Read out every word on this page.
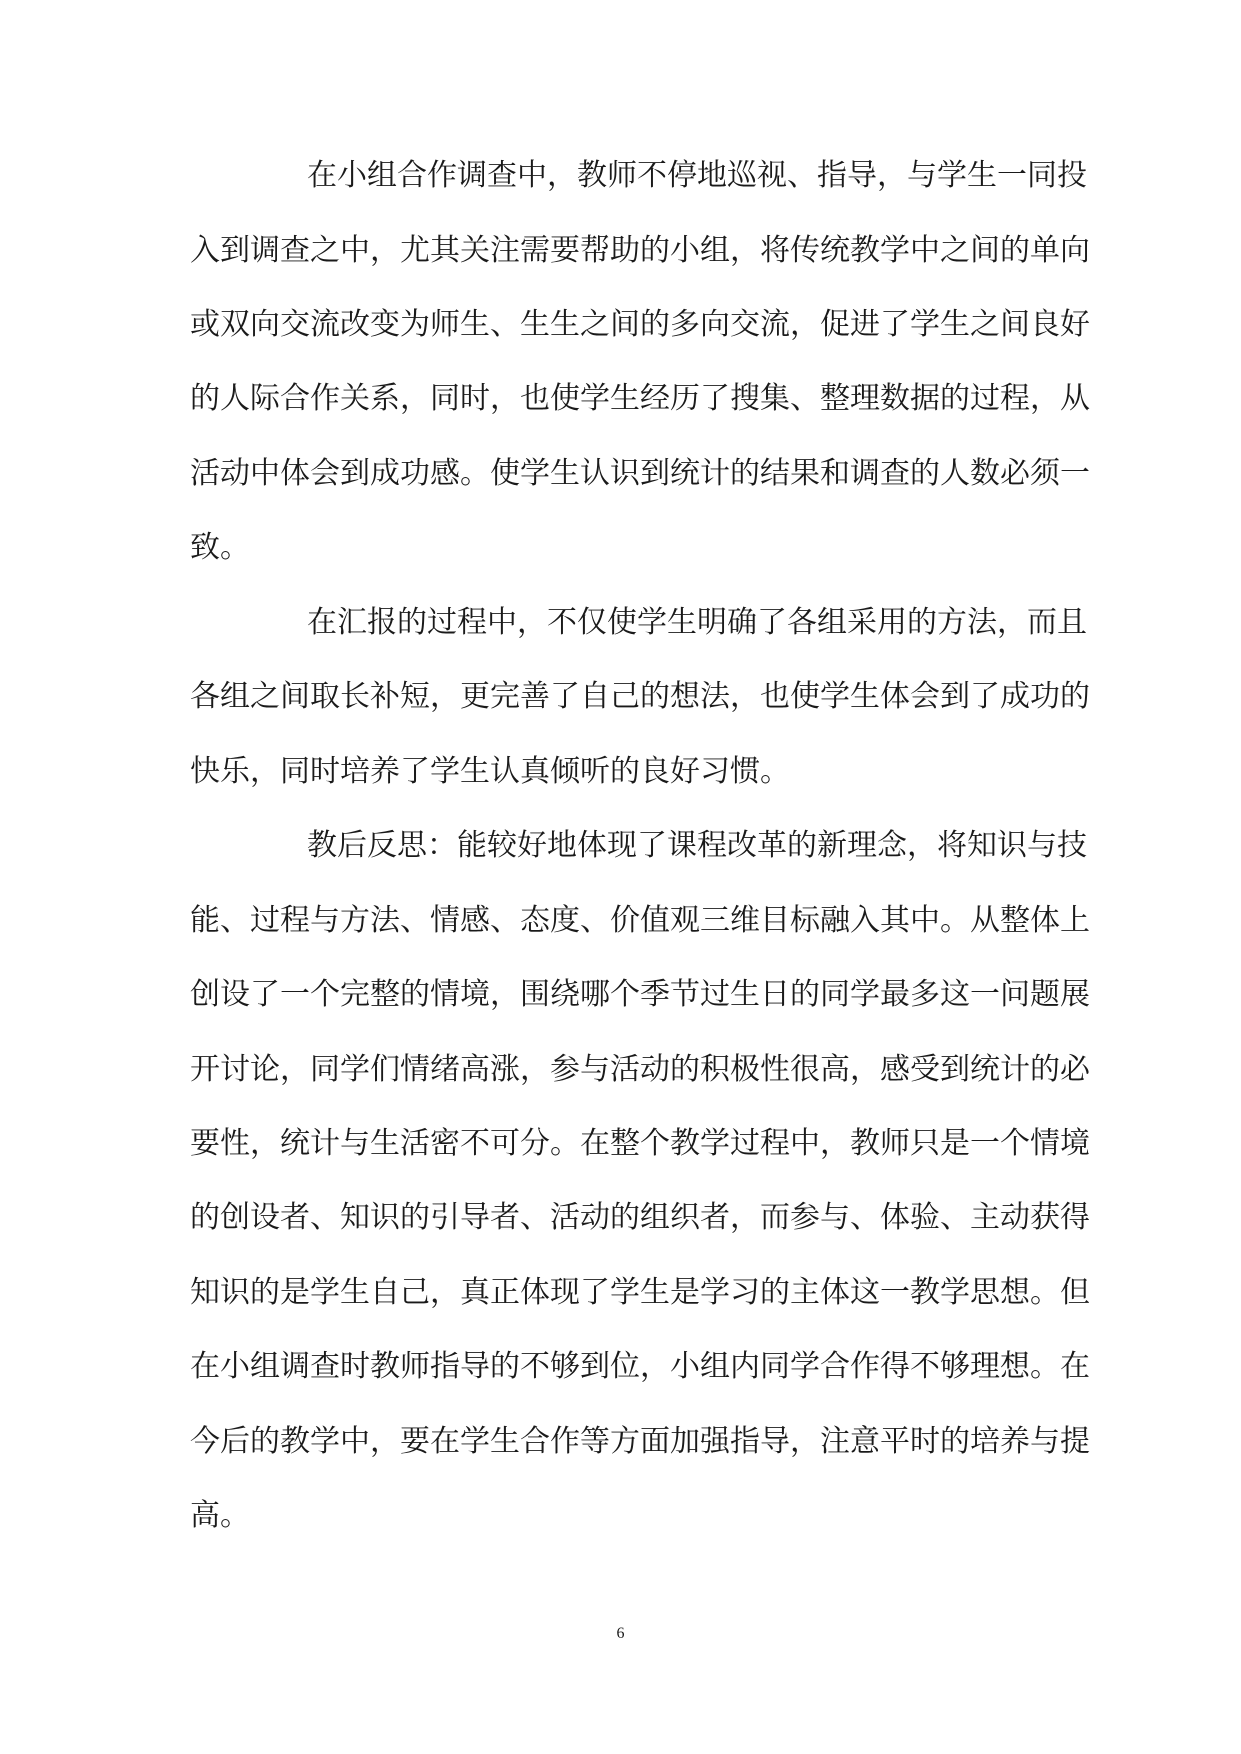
在小组合作调查中，教师不停地巡视、指导，与学生一同投
入到调查之中，尤其关注需要帮助的小组，将传统教学中之间的单向
或双向交流改变为师生、生生之间的多向交流，促进了学生之间良好
的人际合作关系，同时，也使学生经历了搜集、整理数据的过程，从
活动中体会到成功感。使学生认识到统计的结果和调查的人数必须一
致。
在汇报的过程中，不仅使学生明确了各组采用的方法，而且
各组之间取长补短，更完善了自己的想法，也使学生体会到了成功的
快乐，同时培养了学生认真倾听的良好习惯。
教后反思：能较好地体现了课程改革的新理念，将知识与技
能、过程与方法、情感、态度、价值观三维目标融入其中。从整体上
创设了一个完整的情境，围绕哪个季节过生日的同学最多这一问题展
开讨论，同学们情绪高涨，参与活动的积极性很高，感受到统计的必
要性，统计与生活密不可分。在整个教学过程中，教师只是一个情境
的创设者、知识的引导者、活动的组织者，而参与、体验、主动获得
知识的是学生自己，真正体现了学生是学习的主体这一教学思想。但
在小组调查时教师指导的不够到位，小组内同学合作得不够理想。在
今后的教学中，要在学生合作等方面加强指导，注意平时的培养与提
高。
6
